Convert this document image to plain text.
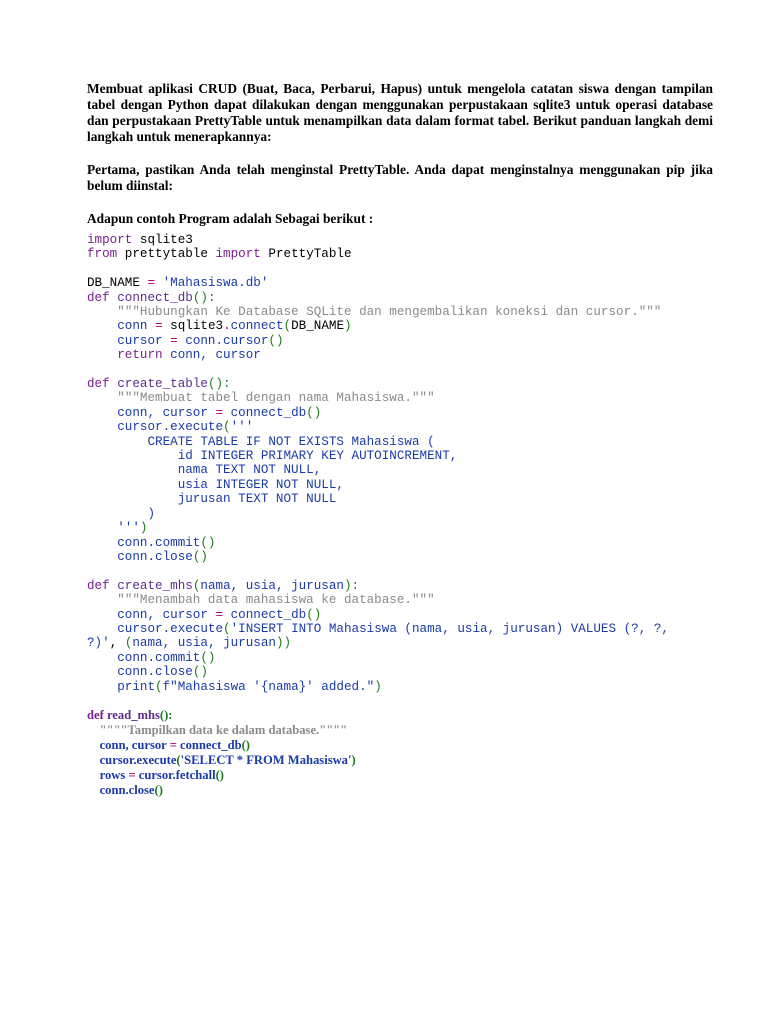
Membuat aplikasi CRUD (Buat, Baca, Perbarui, Hapus) untuk mengelola catatan siswa dengan tampilan tabel dengan Python dapat dilakukan dengan menggunakan perpustakaan sqlite3 untuk operasi database dan perpustakaan PrettyTable untuk menampilkan data dalam format tabel. Berikut panduan langkah demi langkah untuk menerapkannya:

Pertama, pastikan Anda telah menginstal PrettyTable. Anda dapat menginstalnya menggunakan pip jika belum diinstal:

Adapun contoh Program adalah Sebagai berikut :

import sqlite3
from prettytable import PrettyTable
DB_NAME = 'Mahasiswa.db'
def connect_db():
"""Hubungkan Ke Database SQLite dan mengembalikan koneksi dan cursor."""
conn = sqlite3.connect(DB_NAME)
cursor = conn.cursor()
return conn, cursor
def create_table():
"""Membuat tabel dengan nama Mahasiswa."""
conn, cursor = connect_db()
cursor.execute('''
CREATE TABLE IF NOT EXISTS Mahasiswa (
id INTEGER PRIMARY KEY AUTOINCREMENT,
nama TEXT NOT NULL,
usia INTEGER NOT NULL,
jurusan TEXT NOT NULL
)
''')
conn.commit()
conn.close()
def create_mhs(nama, usia, jurusan):
"""Menambah data mahasiswa ke database."""
conn, cursor = connect_db()
cursor.execute('INSERT INTO Mahasiswa (nama, usia, jurusan) VALUES (?, ?,
?)', (nama, usia, jurusan))
conn.commit()
conn.close()
print(f"Mahasiswa '{nama}' added.")
def read_mhs():
""""Tampilkan data ke dalam database.""""
conn, cursor = connect_db()
cursor.execute('SELECT * FROM Mahasiswa')
rows = cursor.fetchall()
conn.close()
